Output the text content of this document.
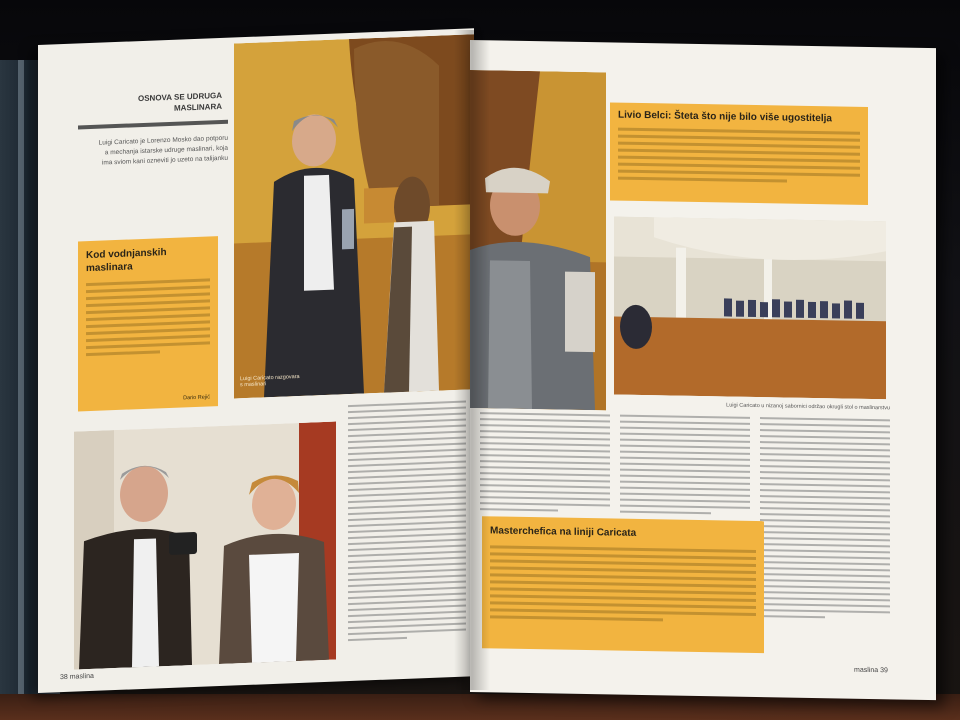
OSNOVA SE UDRUGA
MASLINARA
Luigi Caricato je Lorenzo Mosko dao potporu a mechanja istarske udruge maslinari, koja ima sviom kani ozneviti jo uzeto na talijanku
Kod vodnjanskih maslinara
Dario Rejić
Luigi Caricato razgovara s maslinari
38 maslina
Livio Belci: Šteta što nije bilo više ugostitelja
Luigi Caricato u nizanoj sabornici održao okrugli stol o maslinarstvu
Masterchefica na liniji Caricata
maslina 39
